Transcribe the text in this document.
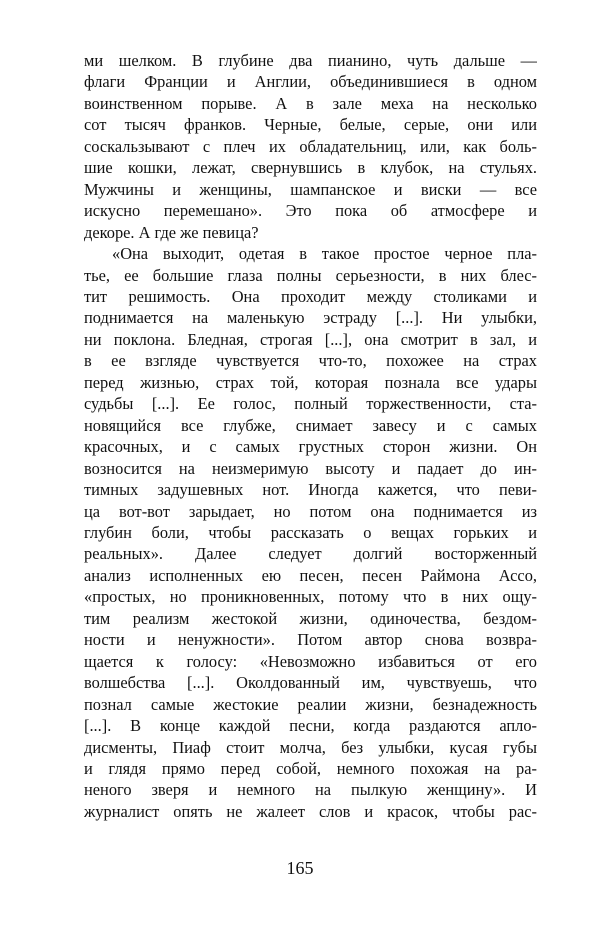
ми шелком. В глубине два пианино, чуть дальше —
флаги Франции и Англии, объединившиеся в одном
воинственном порыве. А в зале меха на несколько
сот тысяч франков. Черные, белые, серые, они или
соскальзывают с плеч их обладательниц, или, как боль-
шие кошки, лежат, свернувшись в клубок, на стульях.
Мужчины и женщины, шампанское и виски — все
искусно перемешано». Это пока об атмосфере и
декоре. А где же певица?
«Она выходит, одетая в такое простое черное пла-
тье, ее большие глаза полны серьезности, в них блес-
тит решимость. Она проходит между столиками и
поднимается на маленькую эстраду [...]. Ни улыбки,
ни поклона. Бледная, строгая [...], она смотрит в зал, и
в ее взгляде чувствуется что-то, похожее на страх
перед жизнью, страх той, которая познала все удары
судьбы [...]. Ее голос, полный торжественности, ста-
новящийся все глубже, снимает завесу и с самых
красочных, и с самых грустных сторон жизни. Он
возносится на неизмеримую высоту и падает до ин-
тимных задушевных нот. Иногда кажется, что певи-
ца вот-вот зарыдает, но потом она поднимается из
глубин боли, чтобы рассказать о вещах горьких и
реальных». Далее следует долгий восторженный
анализ исполненных ею песен, песен Раймона Ассо,
«простых, но проникновенных, потому что в них ощу-
тим реализм жестокой жизни, одиночества, бездом-
ности и ненужности». Потом автор снова возвра-
щается к голосу: «Невозможно избавиться от его
волшебства [...]. Околдованный им, чувствуешь, что
познал самые жестокие реалии жизни, безнадежность
[...]. В конце каждой песни, когда раздаются апло-
дисменты, Пиаф стоит молча, без улыбки, кусая губы
и глядя прямо перед собой, немного похожая на ра-
неного зверя и немного на пылкую женщину». И
журналист опять не жалеет слов и красок, чтобы рас-
165
